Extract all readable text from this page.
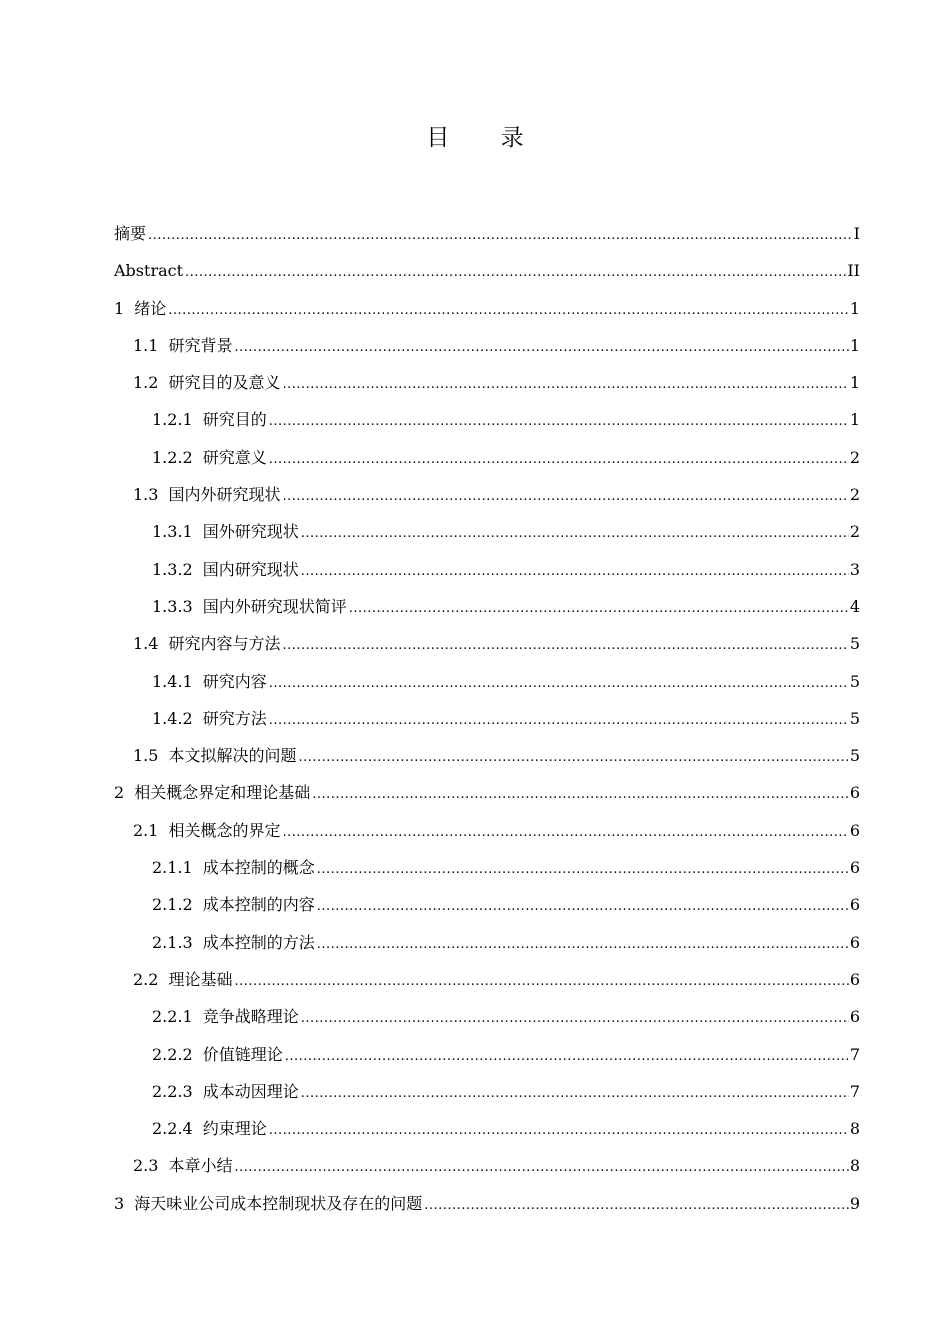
目 录
摘要 .....	I
Abstract .....	II
1 绪论 .....	1
1.1 研究背景 .....	1
1.2 研究目的及意义 .....	1
1.2.1 研究目的 .....	1
1.2.2 研究意义 .....	2
1.3 国内外研究现状 .....	2
1.3.1 国外研究现状 .....	2
1.3.2 国内研究现状 .....	3
1.3.3 国内外研究现状简评 .....	4
1.4 研究内容与方法 .....	5
1.4.1 研究内容 .....	5
1.4.2 研究方法 .....	5
1.5 本文拟解决的问题 .....	5
2 相关概念界定和理论基础 .....	6
2.1 相关概念的界定 .....	6
2.1.1 成本控制的概念 .....	6
2.1.2 成本控制的内容 .....	6
2.1.3 成本控制的方法 .....	6
2.2 理论基础 .....	6
2.2.1 竞争战略理论 .....	6
2.2.2 价值链理论 .....	7
2.2.3 成本动因理论 .....	7
2.2.4 约束理论 .....	8
2.3 本章小结 .....	8
3 海天味业公司成本控制现状及存在的问题 .....	9
